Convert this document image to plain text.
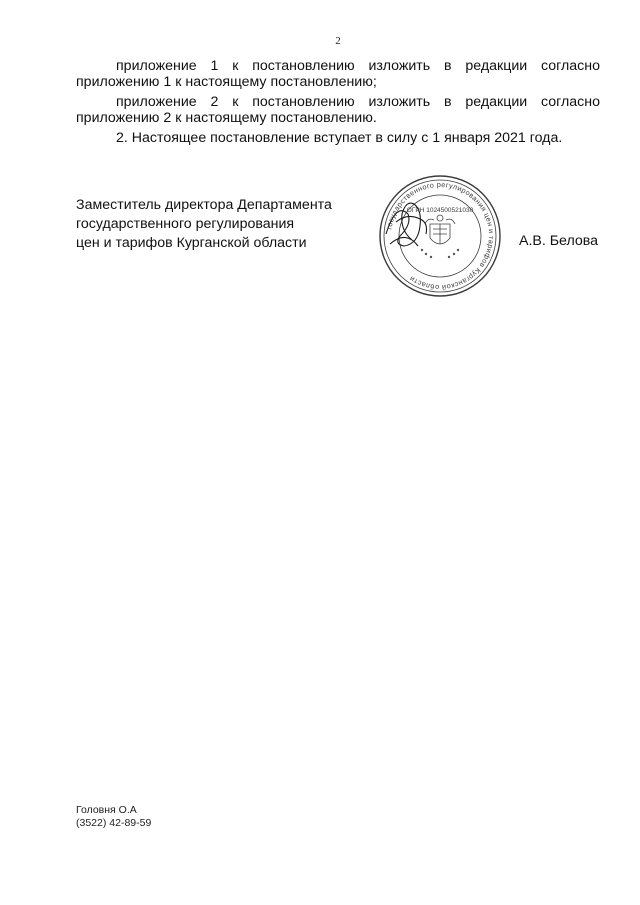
2
приложение 1 к постановлению изложить в редакции согласно приложению 1 к настоящему постановлению;
приложение 2 к постановлению изложить в редакции согласно приложению 2 к настоящему постановлению.
2. Настоящее постановление вступает в силу с 1 января 2021 года.
Заместитель директора Департамента
государственного регулирования
цен и тарифов Курганской области
государственного регулирования цен и тарифов Курганской области
ОГРН 1024500521030
А.В. Белова
Головня О.А
(3522) 42-89-59
